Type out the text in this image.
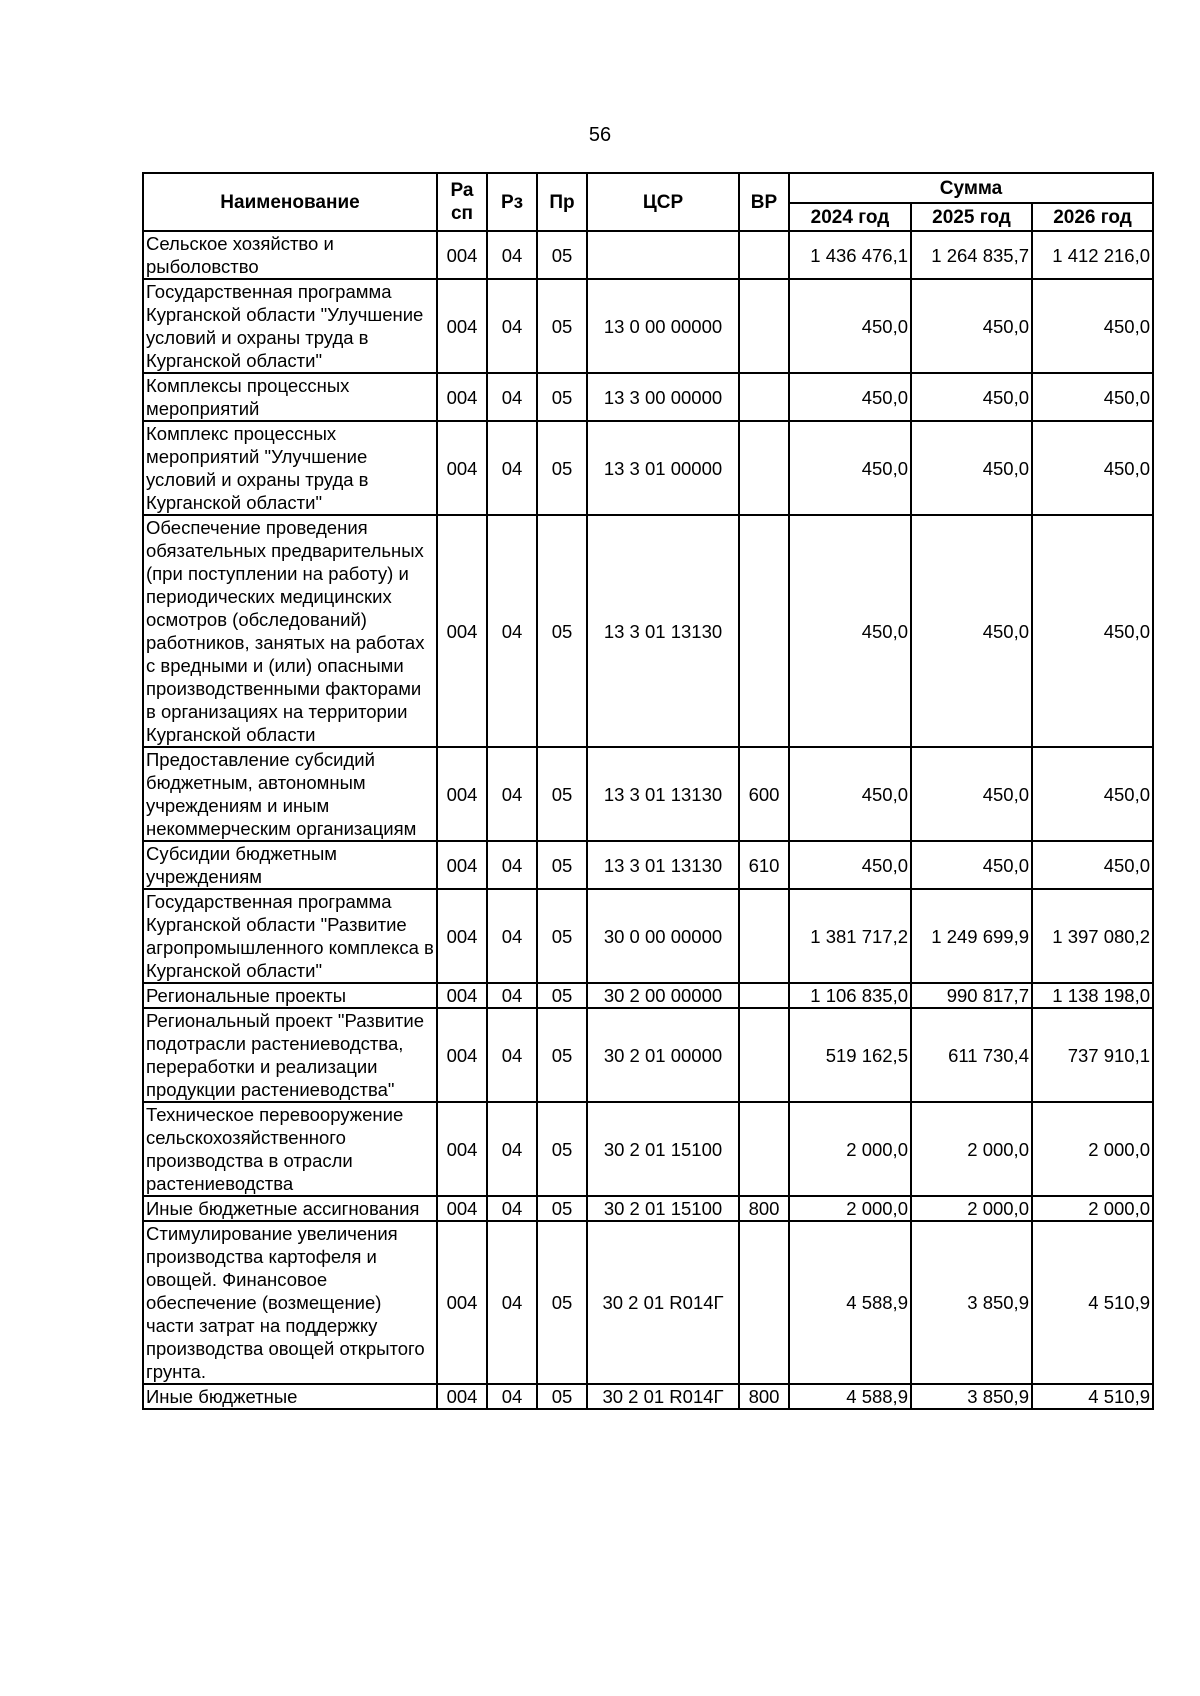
56
Наименование	Ра сп	Рз	Пр	ЦСР	ВР	Сумма		
						2024 год	2025 год	2026 год
Сельское хозяйство и рыболовство	004	04	05			1 436 476,1	1 264 835,7	1 412 216,0
Государственная программа Курганской области "Улучшение условий и охраны труда в Курганской области"	004	04	05	13 0 00 00000		450,0	450,0	450,0
Комплексы процессных мероприятий	004	04	05	13 3 00 00000		450,0	450,0	450,0
Комплекс процессных мероприятий "Улучшение условий и охраны труда в Курганской области"	004	04	05	13 3 01 00000		450,0	450,0	450,0
Обеспечение проведения обязательных предварительных (при поступлении на работу) и периодических медицинских осмотров (обследований) работников, занятых на работах с вредными и (или) опасными производственными факторами в организациях на территории Курганской области	004	04	05	13 3 01 13130		450,0	450,0	450,0
Предоставление субсидий бюджетным, автономным учреждениям и иным некоммерческим организациям	004	04	05	13 3 01 13130	600	450,0	450,0	450,0
Субсидии бюджетным учреждениям	004	04	05	13 3 01 13130	610	450,0	450,0	450,0
Государственная программа Курганской области "Развитие агропромышленного комплекса в Курганской области"	004	04	05	30 0 00 00000		1 381 717,2	1 249 699,9	1 397 080,2
Региональные проекты	004	04	05	30 2 00 00000		1 106 835,0	990 817,7	1 138 198,0
Региональный проект "Развитие подотрасли растениеводства, переработки и реализации продукции растениеводства"	004	04	05	30 2 01 00000		519 162,5	611 730,4	737 910,1
Техническое перевооружение сельскохозяйственного производства в отрасли растениеводства	004	04	05	30 2 01 15100		2 000,0	2 000,0	2 000,0
Иные бюджетные ассигнования	004	04	05	30 2 01 15100	800	2 000,0	2 000,0	2 000,0
Стимулирование увеличения производства картофеля и овощей. Финансовое обеспечение (возмещение) части затрат на поддержку производства овощей открытого грунта.	004	04	05	30 2 01 R014Г		4 588,9	3 850,9	4 510,9
Иные бюджетные	004	04	05	30 2 01 R014Г	800	4 588,9	3 850,9	4 510,9
